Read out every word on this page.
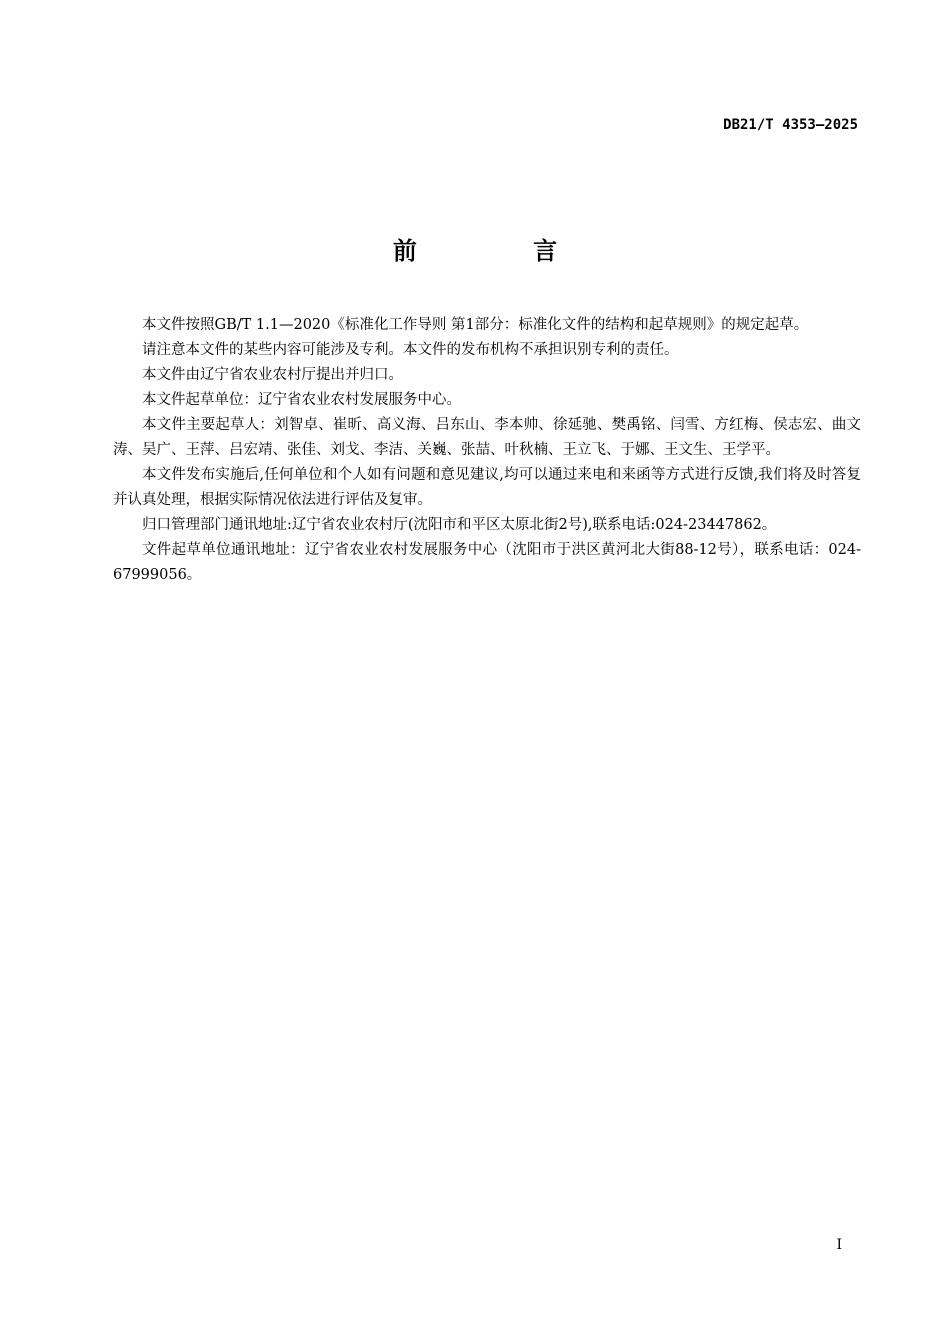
DB21/T 4353—2025
前 言

本文件按照GB/T 1.1—2020《标准化工作导则 第1部分：标准化文件的结构和起草规则》的规定起草。

请注意本文件的某些内容可能涉及专利。本文件的发布机构不承担识别专利的责任。

本文件由辽宁省农业农村厅提出并归口。

本文件起草单位：辽宁省农业农村发展服务中心。

本文件主要起草人：刘智卓、崔昕、高义海、吕东山、李本帅、徐延驰、樊禹铭、闫雪、方红梅、侯志宏、曲文涛、吴广、王萍、吕宏靖、张佳、刘戈、李洁、关巍、张喆、叶秋楠、王立飞、于娜、王文生、王学平。

本文件发布实施后,任何单位和个人如有问题和意见建议,均可以通过来电和来函等方式进行反馈,我们将及时答复并认真处理，根据实际情况依法进行评估及复审。

归口管理部门通讯地址:辽宁省农业农村厅(沈阳市和平区太原北街2号),联系电话:024-23447862。

文件起草单位通讯地址：辽宁省农业农村发展服务中心（沈阳市于洪区黄河北大街88-12号），联系电话：024-67999056。

I
